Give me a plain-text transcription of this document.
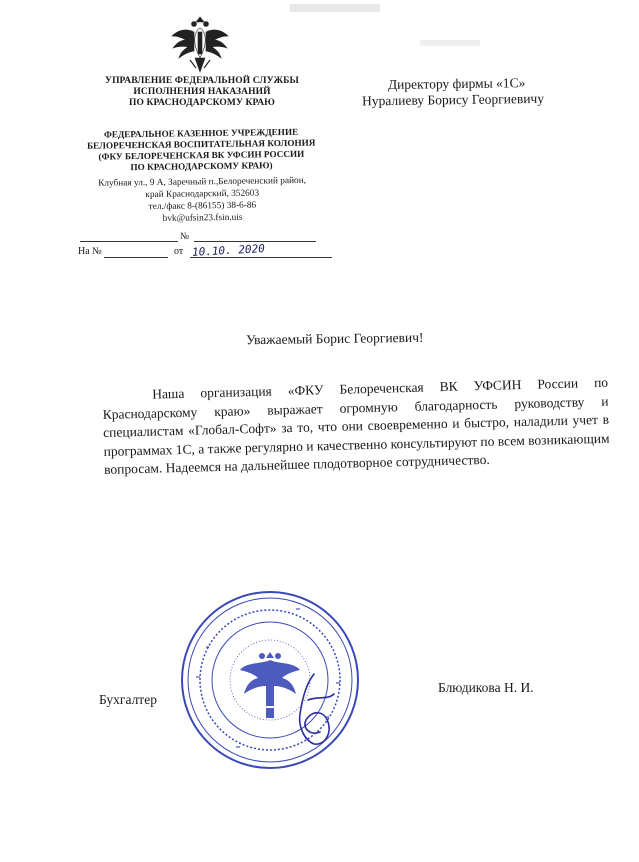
УПРАВЛЕНИЕ ФЕДЕРАЛЬНОЙ СЛУЖБЫ
ИСПОЛНЕНИЯ НАКАЗАНИЙ
ПО КРАСНОДАРСКОМУ КРАЮ
ФЕДЕРАЛЬНОЕ КАЗЕННОЕ УЧРЕЖДЕНИЕ
БЕЛОРЕЧЕНСКАЯ ВОСПИТАТЕЛЬНАЯ КОЛОНИЯ
(ФКУ БЕЛОРЕЧЕНСКАЯ ВК УФСИН РОССИИ
ПО КРАСНОДАРСКОМУ КРАЮ)
Клубная ул., 9 А, Заречный п.,Белореченский район,
край Краснодарский, 352603
тел./факс 8-(86155) 38-6-86
bvk@ufsin23.fsin.uis
№
На №	от 10.10. 2020
Директору фирмы «1С»
Нуралиеву Борису Георгиевичу
Уважаемый Борис Георгиевич!
Наша организация «ФКУ Белореченская ВК УФСИН России по Краснодарскому краю» выражает огромную благодарность руководству и специалистам «Глобал-Софт» за то, что они своевременно и быстро, наладили учет в программах 1С, а также регулярно и качественно консультируют по всем возникающим вопросам. Надеемся на дальнейшее плодотворное сотрудничество.
Бухгалтер
Блюдикова Н. И.
